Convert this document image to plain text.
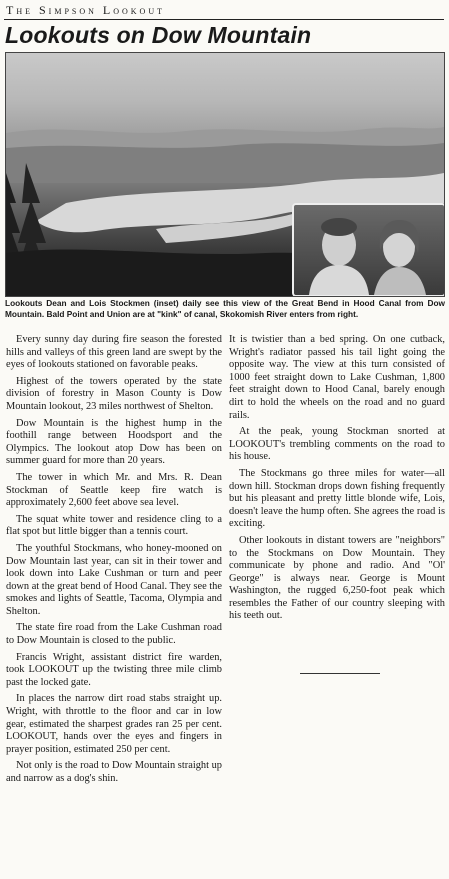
The Simpson Lookout
Lookouts on Dow Mountain
Lookouts Dean and Lois Stockmen (inset) daily see this view of the Great Bend in Hood Canal from Dow Mountain. Bald Point and Union are at "kink" of canal, Skokomish River enters from right.

Every sunny day during fire season the forested hills and valleys of this green land are swept by the eyes of lookouts stationed on favorable peaks.

Highest of the towers operated by the state division of forestry in Mason County is Dow Mountain lookout, 23 miles northwest of Shelton.

Dow Mountain is the highest hump in the foothill range between Hoodsport and the Olympics. The lookout atop Dow has been on summer guard for more than 20 years.

The tower in which Mr. and Mrs. R. Dean Stockman of Seattle keep fire watch is approximately 2,600 feet above sea level.

The squat white tower and residence cling to a flat spot but little bigger than a tennis court.

The youthful Stockmans, who honey-mooned on Dow Mountain last year, can sit in their tower and look down into Lake Cushman or turn and peer down at the great bend of Hood Canal. They see the smokes and lights of Seattle, Tacoma, Olympia and Shelton.

The state fire road from the Lake Cushman road to Dow Mountain is closed to the public.

Francis Wright, assistant district fire warden, took LOOKOUT up the twisting three mile climb past the locked gate.

In places the narrow dirt road stabs straight up. Wright, with throttle to the floor and car in low gear, estimated the sharpest grades ran 25 per cent. LOOKOUT, hands over the eyes and fingers in prayer position, estimated 250 per cent.

Not only is the road to Dow Mountain straight up and narrow as a dog's shin.

It is twistier than a bed spring. On one cutback, Wright's radiator passed his tail light going the opposite way. The view at this turn consisted of 1000 feet straight down to Lake Cushman, 1,800 feet straight down to Hood Canal, barely enough dirt to hold the wheels on the road and no guard rails.

At the peak, young Stockman snorted at LOOKOUT's trembling comments on the road to his house.

The Stockmans go three miles for water—all down hill. Stockman drops down fishing frequently but his pleasant and pretty little blonde wife, Lois, doesn't leave the hump often. She agrees the road is exciting.

Other lookouts in distant towers are "neighbors" to the Stockmans on Dow Mountain. They communicate by phone and radio. And "Ol' George" is always near. George is Mount Washington, the rugged 6,250-foot peak which resembles the Father of our country sleeping with his teeth out.
